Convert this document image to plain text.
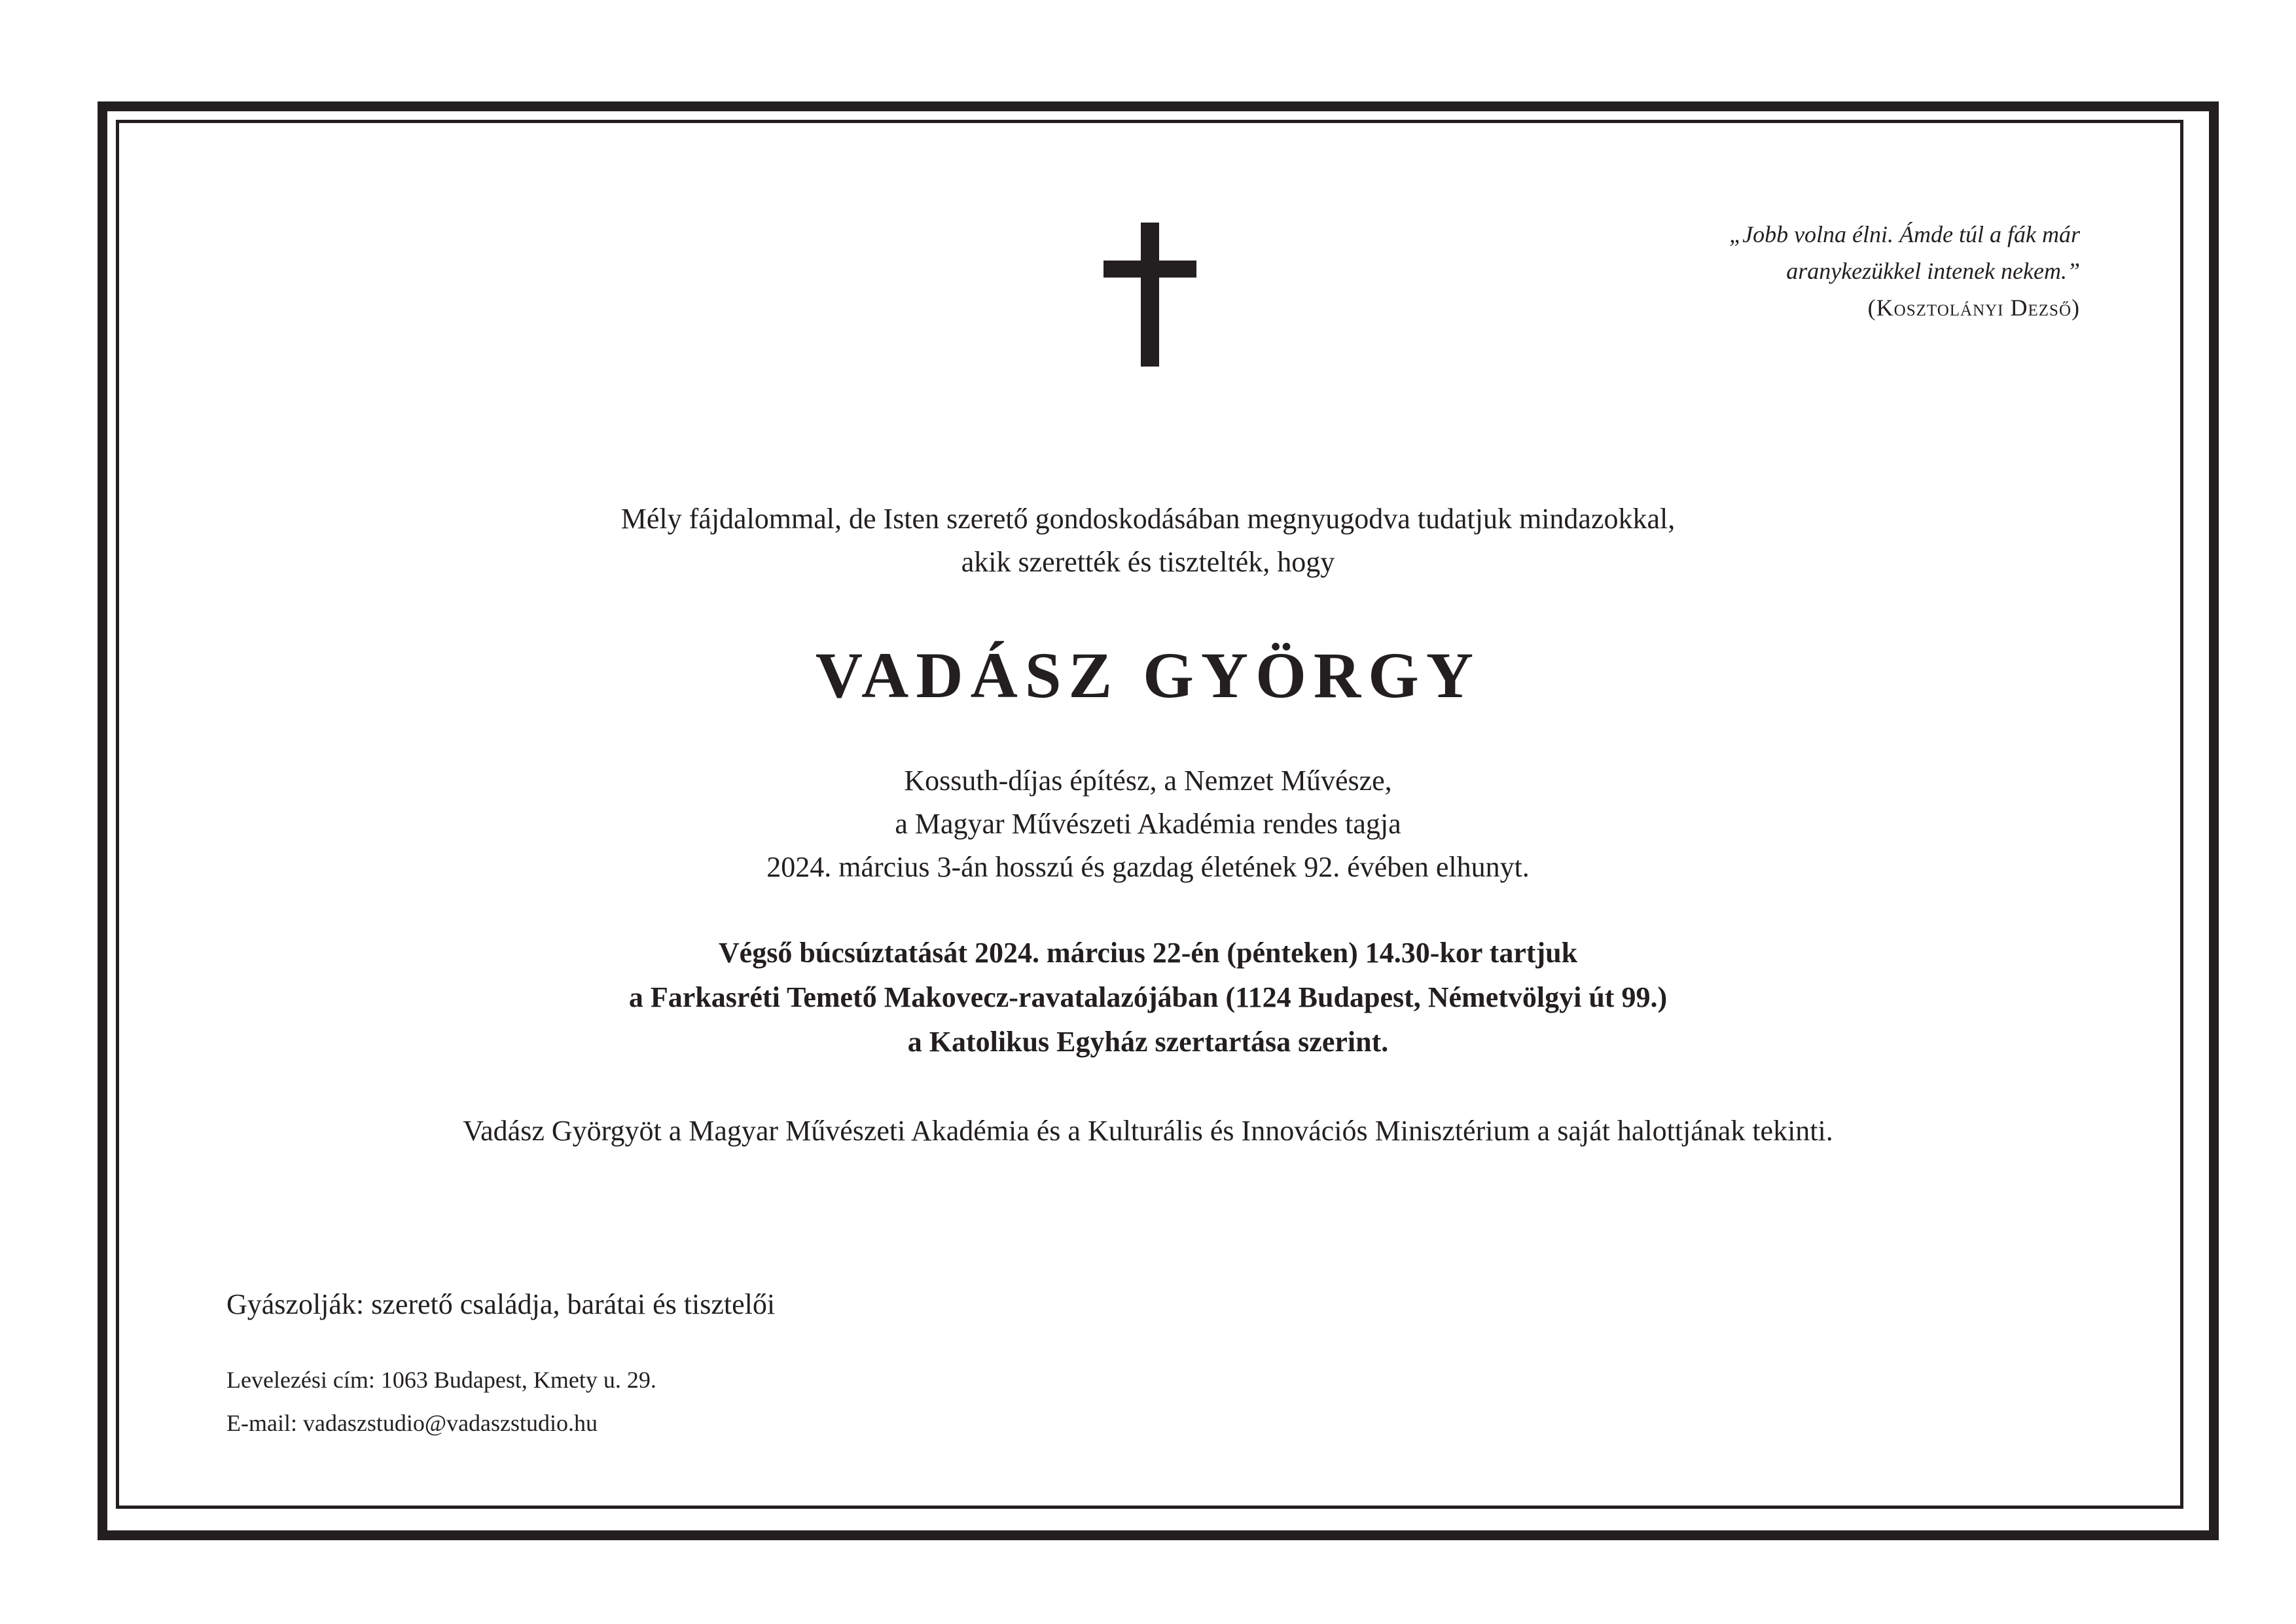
„Jobb volna élni. Ámde túl a fák már
aranykezükkel intenek nekem.”
(Kosztolányi Dezső)
Mély fájdalommal, de Isten szerető gondoskodásában megnyugodva tudatjuk mindazokkal,
akik szerették és tisztelték, hogy
VADÁSZ GYÖRGY
Kossuth-díjas építész, a Nemzet Művésze,
a Magyar Művészeti Akadémia rendes tagja
2024. március 3-án hosszú és gazdag életének 92. évében elhunyt.
Végső búcsúztatását 2024. március 22-én (pénteken) 14.30-kor tartjuk
a Farkasréti Temető Makovecz-ravatalazójában (1124 Budapest, Németvölgyi út 99.)
a Katolikus Egyház szertartása szerint.
Vadász Györgyöt a Magyar Művészeti Akadémia és a Kulturális és Innovációs Minisztérium a saját halottjának tekinti.
Gyászolják: szerető családja, barátai és tisztelői
Levelezési cím: 1063 Budapest, Kmety u. 29.
E-mail: vadaszstudio@vadaszstudio.hu
